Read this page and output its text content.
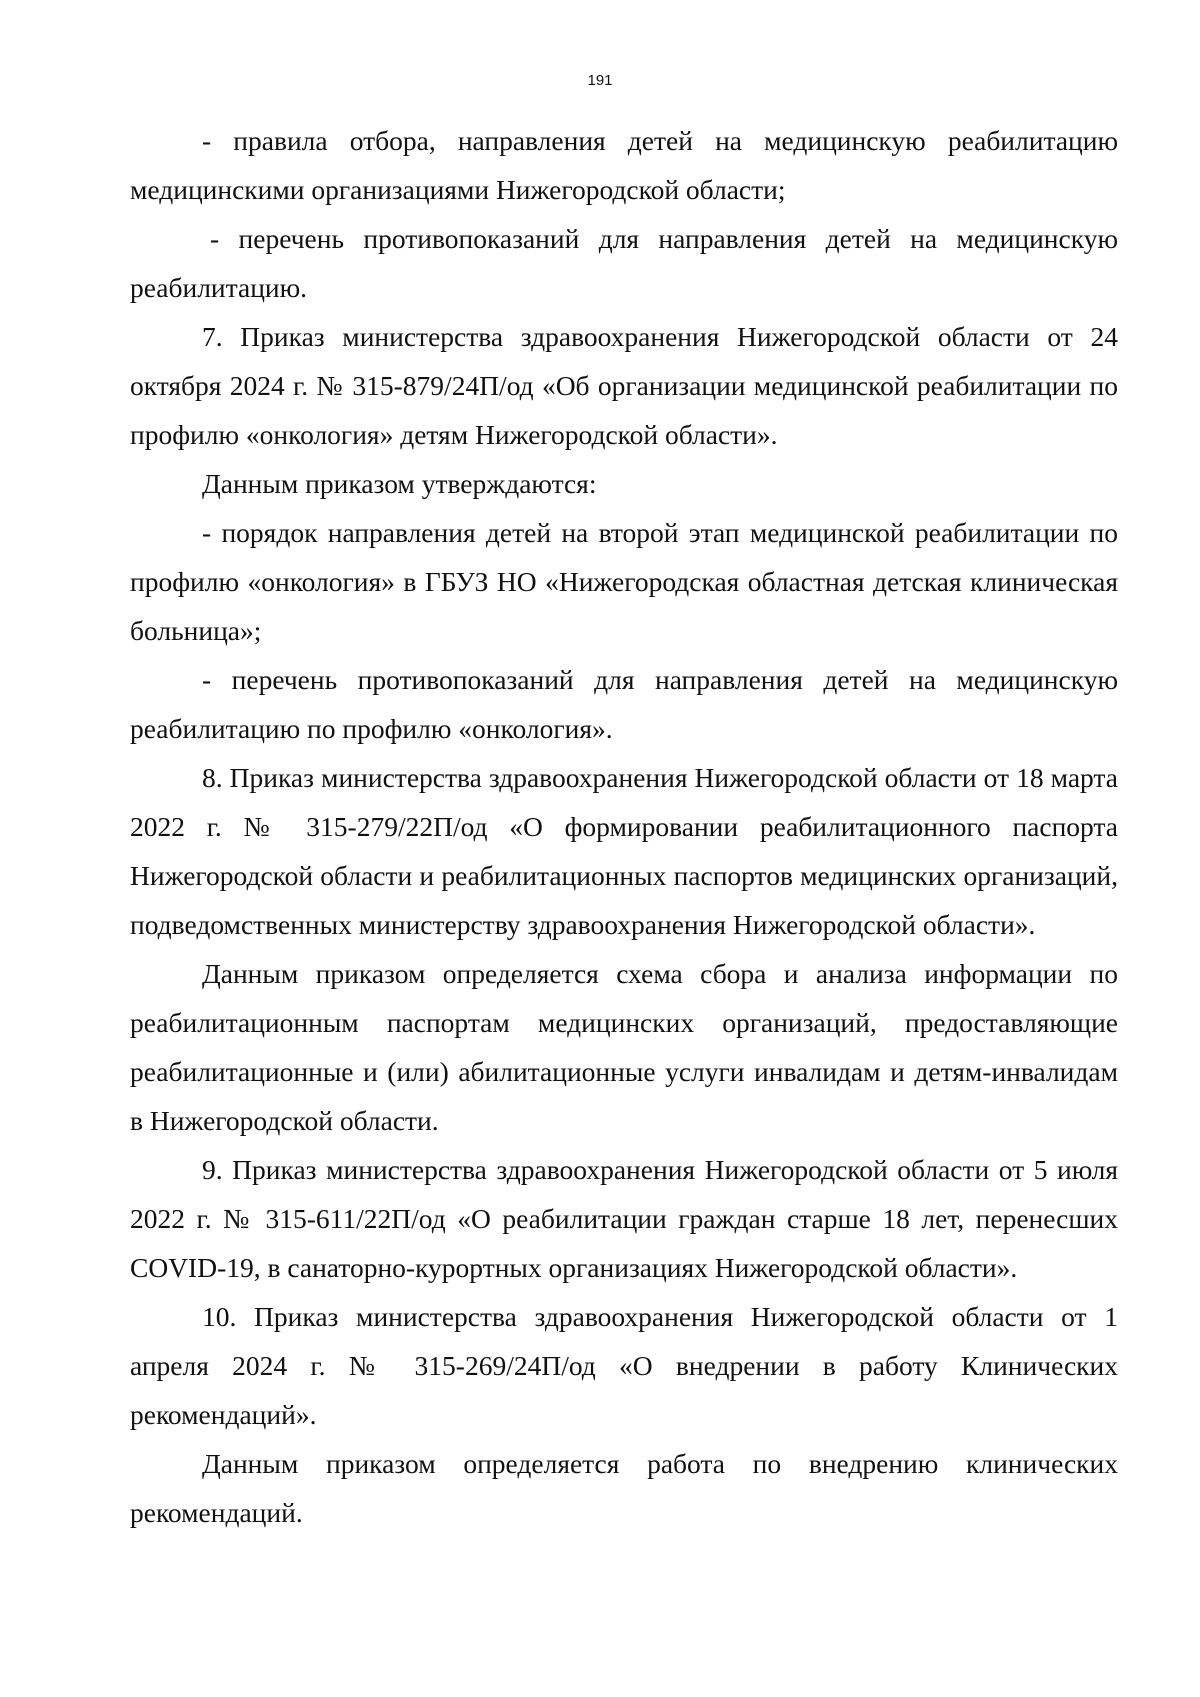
191

- правила отбора, направления детей на медицинскую реабилитацию медицинскими организациями Нижегородской области;

- перечень противопоказаний для направления детей на медицинскую реабилитацию.

7. Приказ министерства здравоохранения Нижегородской области от 24 октября 2024 г. № 315-879/24П/од «Об организации медицинской реабилитации по профилю «онкология» детям Нижегородской области».

Данным приказом утверждаются:

- порядок направления детей на второй этап медицинской реабилитации по профилю «онкология» в ГБУЗ НО «Нижегородская областная детская клиническая больница»;

- перечень противопоказаний для направления детей на медицинскую реабилитацию по профилю «онкология».

8. Приказ министерства здравоохранения Нижегородской области от 18 марта 2022 г. № 315-279/22П/од «О формировании реабилитационного паспорта Нижегородской области и реабилитационных паспортов медицинских организаций, подведомственных министерству здравоохранения Нижегородской области».

Данным приказом определяется схема сбора и анализа информации по реабилитационным паспортам медицинских организаций, предоставляющие реабилитационные и (или) абилитационные услуги инвалидам и детям-инвалидам в Нижегородской области.

9. Приказ министерства здравоохранения Нижегородской области от 5 июля 2022 г. № 315-611/22П/од «О реабилитации граждан старше 18 лет, перенесших COVID-19, в санаторно-курортных организациях Нижегородской области».

10. Приказ министерства здравоохранения Нижегородской области от 1 апреля 2024 г. № 315-269/24П/од «О внедрении в работу Клинических рекомендаций».

Данным приказом определяется работа по внедрению клинических рекомендаций.
